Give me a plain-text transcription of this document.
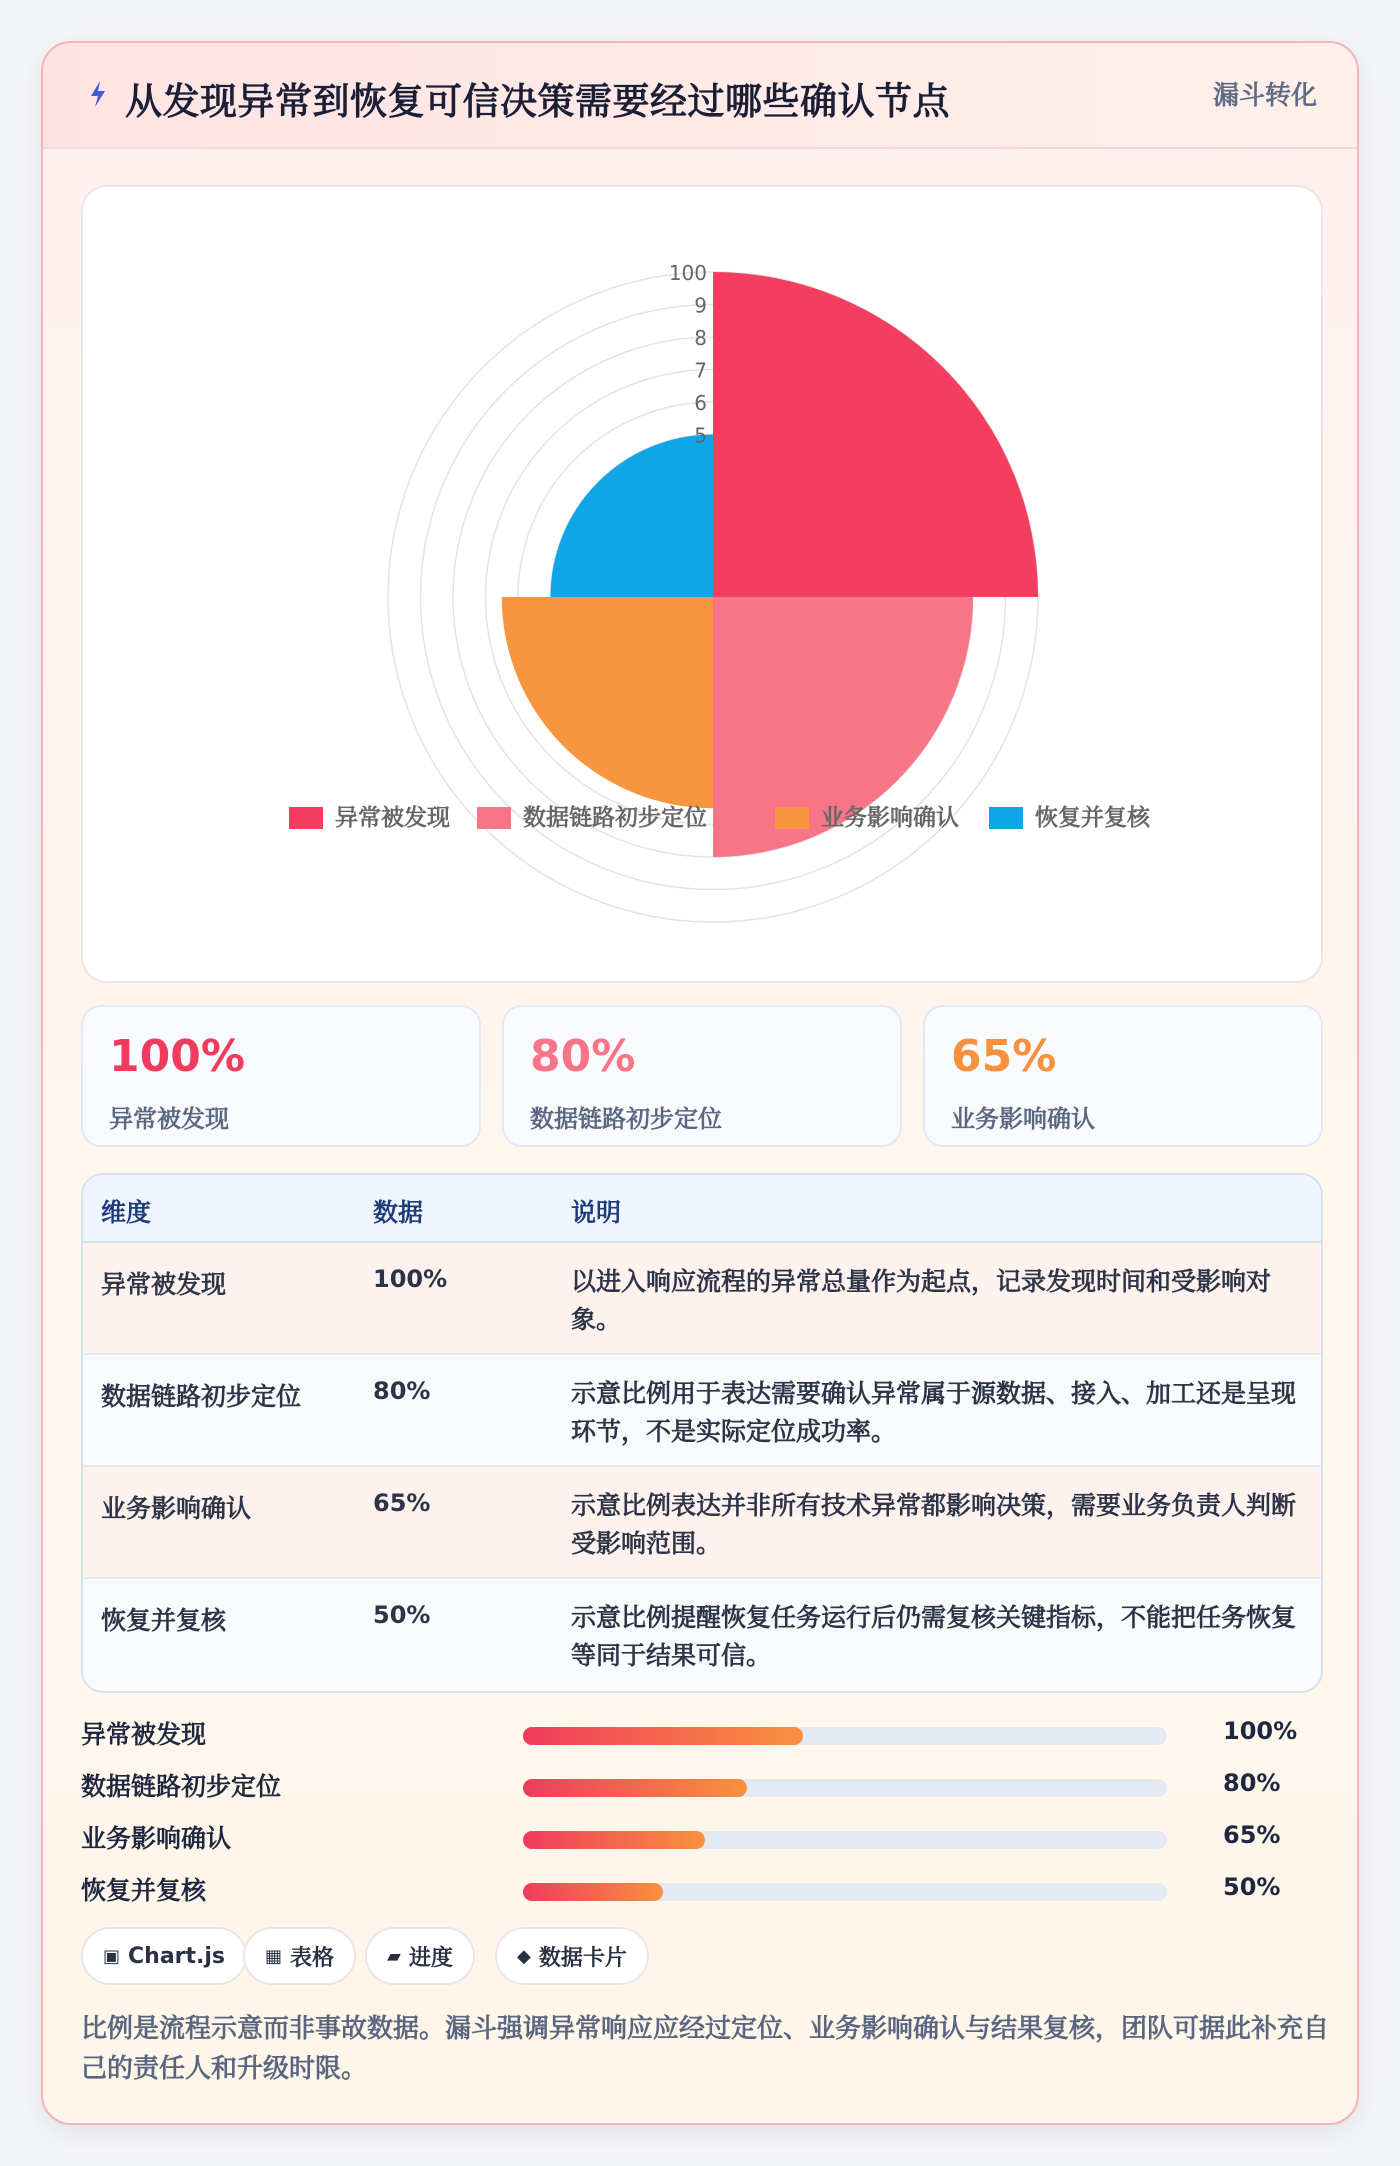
从发现异常到恢复可信决策需要经过哪些确认节点	漏斗转化
100
9
8
7
6
5
异常被发现	数据链路初步定位	业务影响确认	恢复并复核
100%
异常被发现
80%
数据链路初步定位
65%
业务影响确认
维度	数据	说明
异常被发现	100%	以进入响应流程的异常总量作为起点，记录发现时间和受影响对象。
数据链路初步定位	80%	示意比例用于表达需要确认异常属于源数据、接入、加工还是呈现环节，不是实际定位成功率。
业务影响确认	65%	示意比例表达并非所有技术异常都影响决策，需要业务负责人判断受影响范围。
恢复并复核	50%	示意比例提醒恢复任务运行后仍需复核关键指标，不能把任务恢复等同于结果可信。
异常被发现	100%
数据链路初步定位	80%
业务影响确认	65%
恢复并复核	50%
▣ Chart.js ▦ 表格	▰ 进度	◆ 数据卡片
比例是流程示意而非事故数据。漏斗强调异常响应应经过定位、业务影响确认与结果复核，团队可据此补充自己的责任人和升级时限。
